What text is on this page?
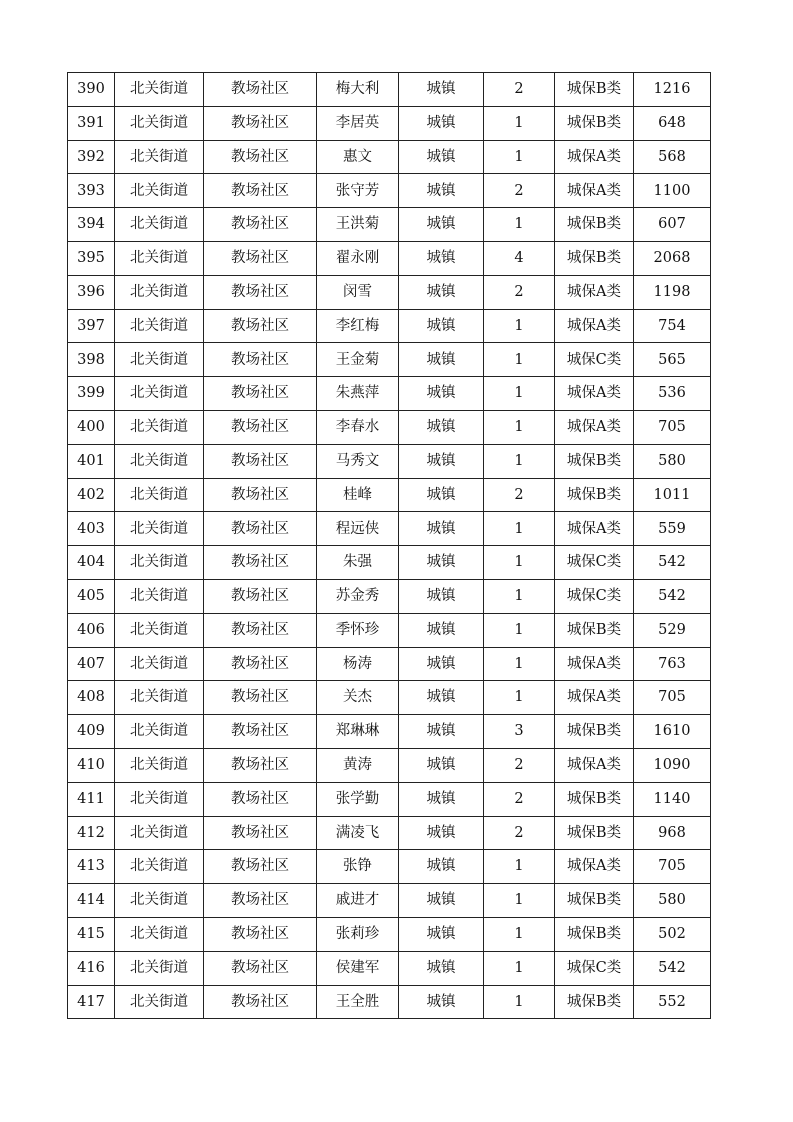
390	北关街道	教场社区	梅大利	城镇	2	城保B类	1216
391	北关街道	教场社区	李居英	城镇	1	城保B类	648
392	北关街道	教场社区	惠文	城镇	1	城保A类	568
393	北关街道	教场社区	张守芳	城镇	2	城保A类	1100
394	北关街道	教场社区	王洪菊	城镇	1	城保B类	607
395	北关街道	教场社区	翟永刚	城镇	4	城保B类	2068
396	北关街道	教场社区	闵雪	城镇	2	城保A类	1198
397	北关街道	教场社区	李红梅	城镇	1	城保A类	754
398	北关街道	教场社区	王金菊	城镇	1	城保C类	565
399	北关街道	教场社区	朱燕萍	城镇	1	城保A类	536
400	北关街道	教场社区	李春水	城镇	1	城保A类	705
401	北关街道	教场社区	马秀文	城镇	1	城保B类	580
402	北关街道	教场社区	桂峰	城镇	2	城保B类	1011
403	北关街道	教场社区	程远侠	城镇	1	城保A类	559
404	北关街道	教场社区	朱强	城镇	1	城保C类	542
405	北关街道	教场社区	苏金秀	城镇	1	城保C类	542
406	北关街道	教场社区	季怀珍	城镇	1	城保B类	529
407	北关街道	教场社区	杨涛	城镇	1	城保A类	763
408	北关街道	教场社区	关杰	城镇	1	城保A类	705
409	北关街道	教场社区	郑琳琳	城镇	3	城保B类	1610
410	北关街道	教场社区	黄涛	城镇	2	城保A类	1090
411	北关街道	教场社区	张学勤	城镇	2	城保B类	1140
412	北关街道	教场社区	满凌飞	城镇	2	城保B类	968
413	北关街道	教场社区	张铮	城镇	1	城保A类	705
414	北关街道	教场社区	戚进才	城镇	1	城保B类	580
415	北关街道	教场社区	张莉珍	城镇	1	城保B类	502
416	北关街道	教场社区	侯建军	城镇	1	城保C类	542
417	北关街道	教场社区	王全胜	城镇	1	城保B类	552
